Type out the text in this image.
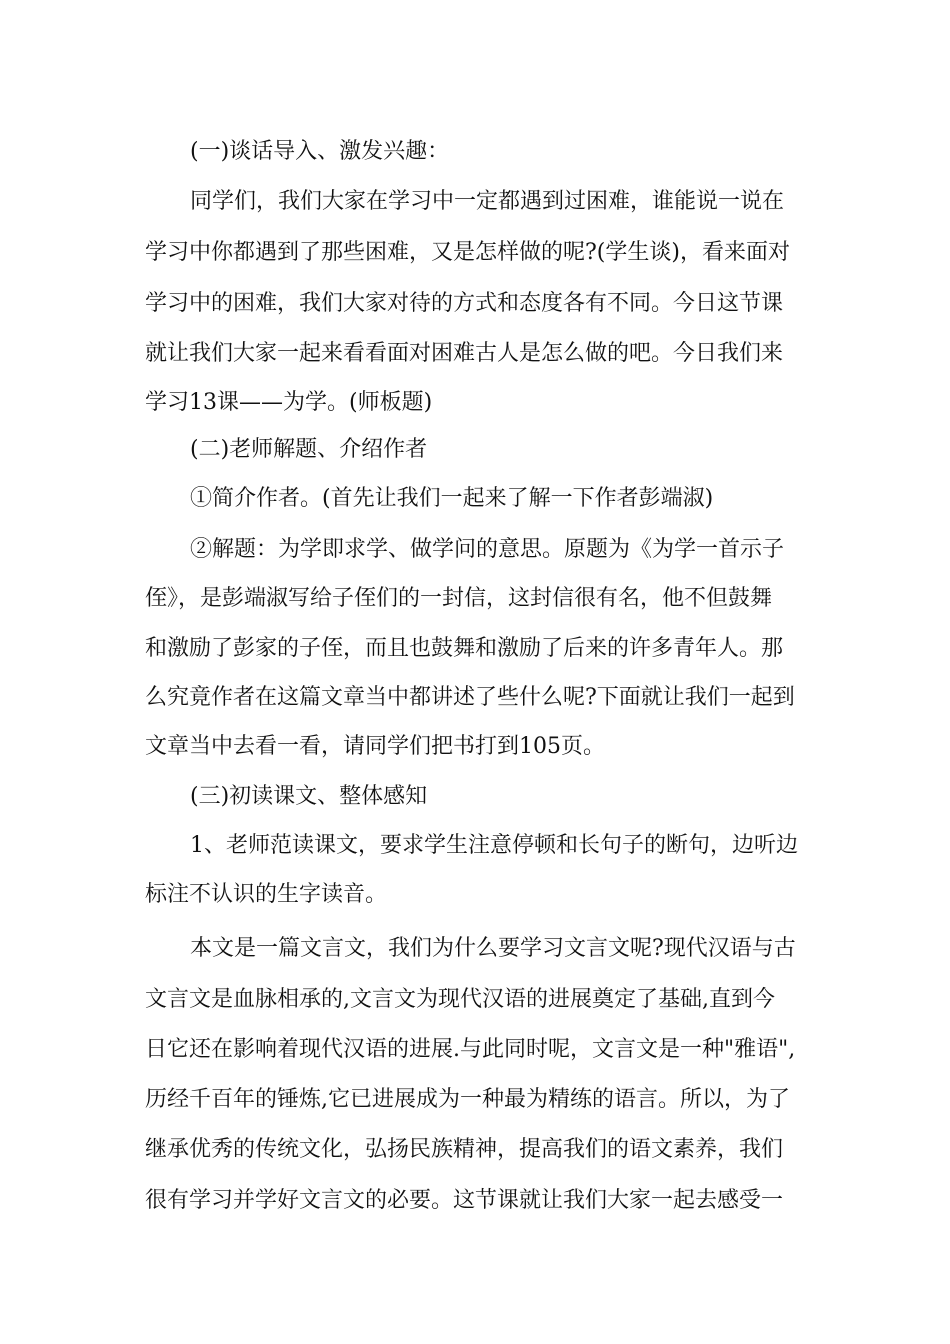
(一)谈话导入、激发兴趣：

同学们，我们大家在学习中一定都遇到过困难，谁能说一说在

学习中你都遇到了那些困难，又是怎样做的呢?(学生谈)，看来面对

学习中的困难，我们大家对待的方式和态度各有不同。今日这节课

就让我们大家一起来看看面对困难古人是怎么做的吧。今日我们来

学习13课——为学。(师板题)

(二)老师解题、介绍作者

①简介作者。(首先让我们一起来了解一下作者彭端淑)

②解题：为学即求学、做学问的意思。原题为《为学一首示子

侄》，是彭端淑写给子侄们的一封信，这封信很有名，他不但鼓舞

和激励了彭家的子侄，而且也鼓舞和激励了后来的许多青年人。那

么究竟作者在这篇文章当中都讲述了些什么呢?下面就让我们一起到

文章当中去看一看，请同学们把书打到105页。

(三)初读课文、整体感知

1、老师范读课文，要求学生注意停顿和长句子的断句，边听边

标注不认识的生字读音。

本文是一篇文言文，我们为什么要学习文言文呢?现代汉语与古

文言文是血脉相承的,文言文为现代汉语的进展奠定了基础,直到今

日它还在影响着现代汉语的进展.与此同时呢，文言文是一种"雅语",

历经千百年的锤炼,它已进展成为一种最为精练的语言。所以，为了

继承优秀的传统文化，弘扬民族精神，提高我们的语文素养，我们

很有学习并学好文言文的必要。这节课就让我们大家一起去感受一
